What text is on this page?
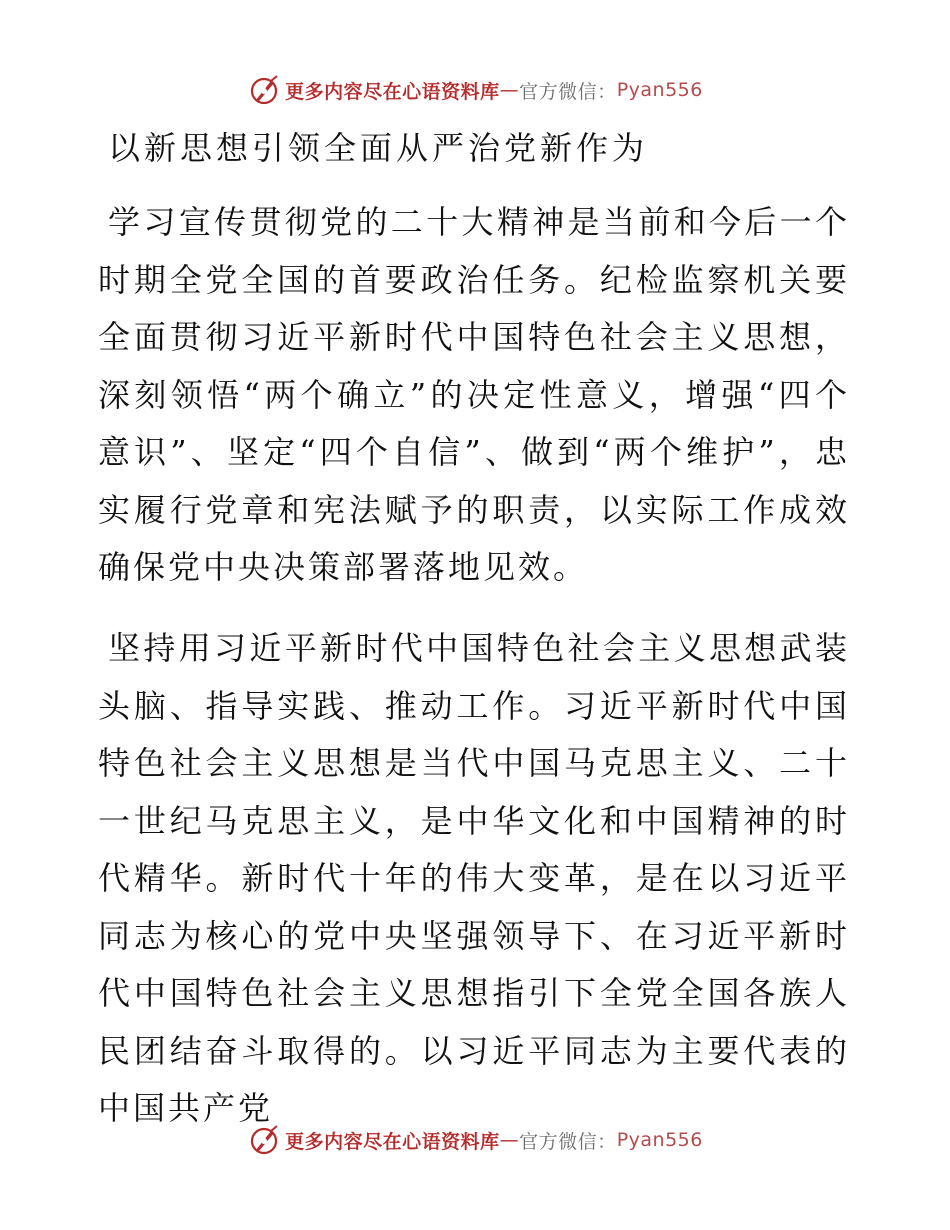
更多内容尽在心语资料库 — 官方微信： Pyan556
以新思想引领全面从严治党新作为

学习宣传贯彻党的二十大精神是当前和今后一个时期全党全国的首要政治任务。纪检监察机关要全面贯彻习近平新时代中国特色社会主义思想，深刻领悟“两个确立”的决定性意义，增强“四个意识”、坚定“四个自信”、做到“两个维护”，忠实履行党章和宪法赋予的职责，以实际工作成效确保党中央决策部署落地见效。

坚持用习近平新时代中国特色社会主义思想武装头脑、指导实践、推动工作。习近平新时代中国特色社会主义思想是当代中国马克思主义、二十一世纪马克思主义，是中华文化和中国精神的时代精华。新时代十年的伟大变革，是在以习近平同志为核心的党中央坚强领导下、在习近平新时代中国特色社会主义思想指引下全党全国各族人民团结奋斗取得的。以习近平同志为主要代表的中国共产党

更多内容尽在心语资料库 — 官方微信： Pyan556
